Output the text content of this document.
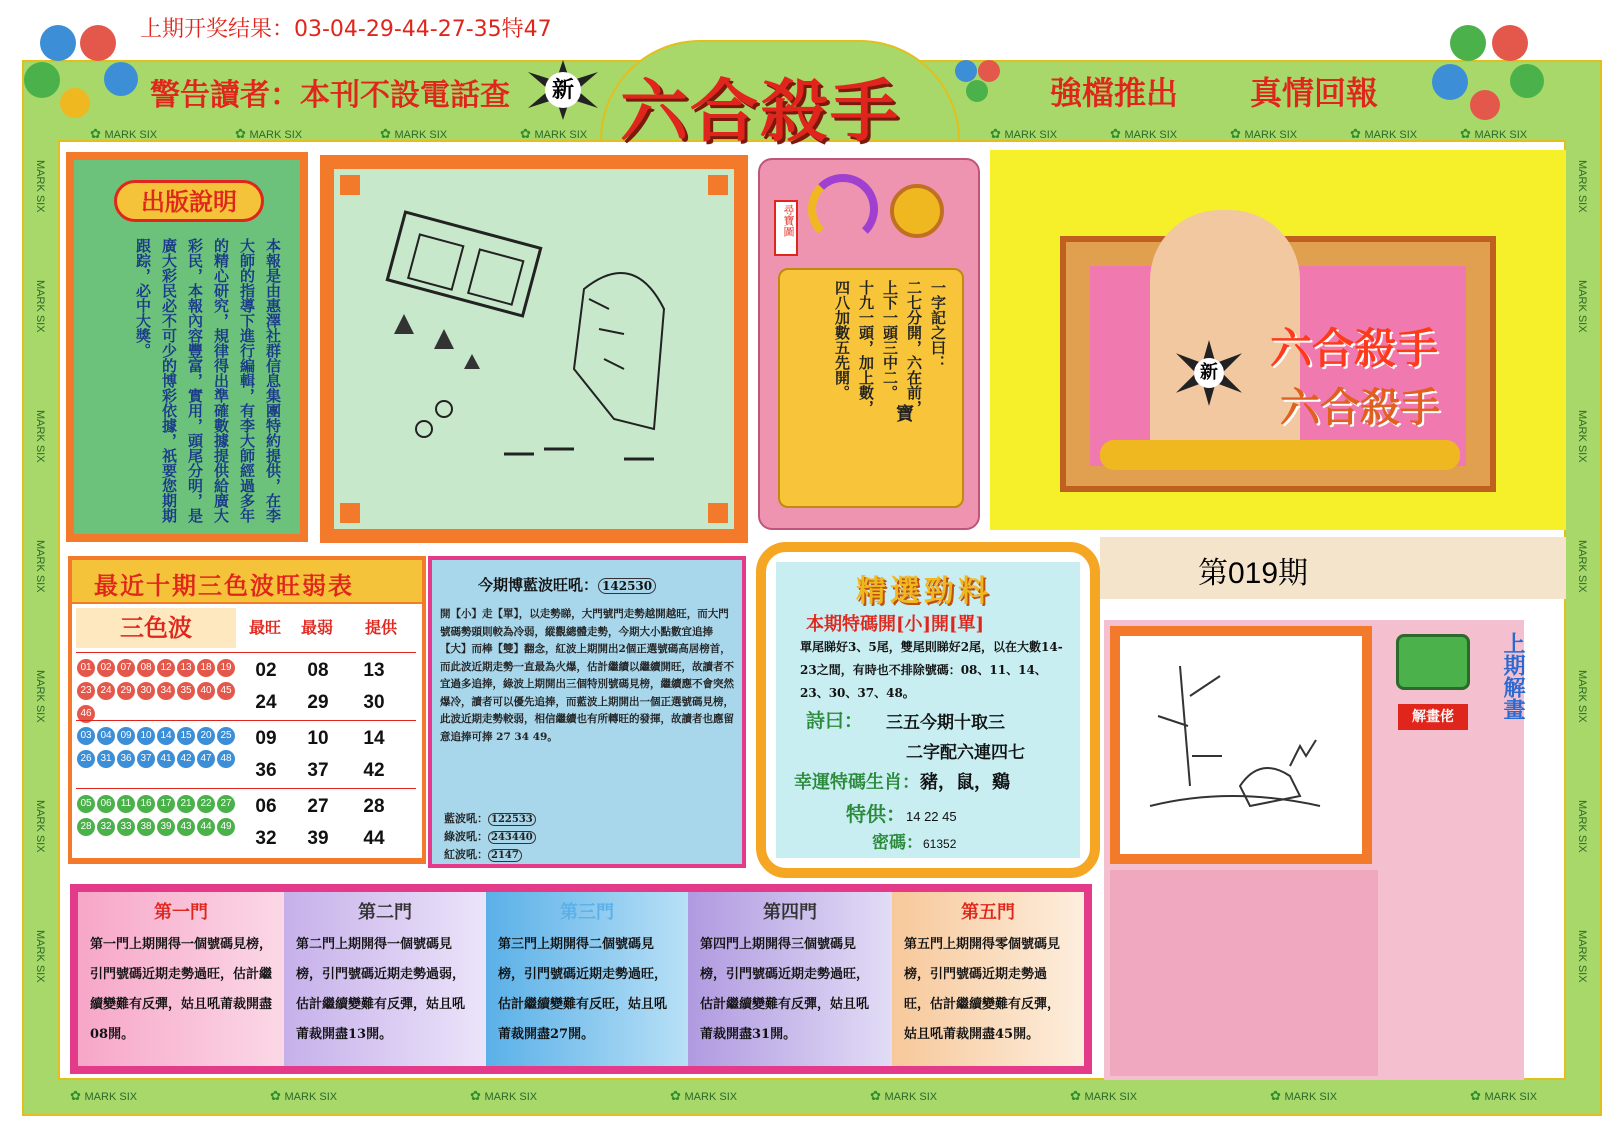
上期开奖结果：03-04-29-44-27-35特47
警告讀者：本刊不設電話查	新 六合殺手	強檔推出 真情回報
✿ MARK SIX	✿ MARK SIX	✿ MARK SIX	✿ MARK SIX	✿ MARK SIX	✿ MARK SIX	✿ MARK SIX	✿ MARK SIX	✿ MARK SIX
✿ MARK SIX	✿ MARK SIX	✿ MARK SIX	✿ MARK SIX	✿ MARK SIX	✿ MARK SIX	✿ MARK SIX	✿ MARK SIX
MARK SIX
MARK SIX
MARK SIX
MARK SIX
MARK SIX
MARK SIX
MARK SIX
MARK SIX
MARK SIX
MARK SIX
MARK SIX
MARK SIX
MARK SIX
MARK SIX
出版說明
本報是由惠澤社群信息集團特約提供，在李大師的指導下進行編輯，有李大師經過多年的精心研究，規律得出準確數據提供給廣大彩民，本報內容豐富，實用，頭尾分明，是廣大彩民必不可少的博彩依據，祇要您期期跟踪，必中大獎。
尋寶圖
一字記之曰：
二七分開，六在前，
上下一頭三中二。
十九一頭，加上數，
四八加數五先開。
寶
新 六合殺手
六合殺手
第019期
最近十期三色波旺弱表
三色波	最旺	最弱	提供
01 02 07 08 12 13 18 1923 24 29 30 34 35 40 4546
02	08	13
24	29	30
03 04 09 10 14 15 20 2526 31 36 37 41 42 47 48
09	10	14
36	37	42
05 06 11 16 17 21 22 2728 32 33 38 39 43 44 49
06	27	28
32	39	44
今期博藍波旺吼： 142530
開【小】走【單】，以走勢睇，大門號門走勢越開越旺，而大門號碼勢頭則較為冷弱，縱觀總體走勢，今期大小點數宜追捧【大】而棒【雙】翻念，紅波上期開出2個正選號碼高居榜首，而此波近期走勢一直最為火爆，估計繼續以繼續開旺，故讀者不宜過多追捧，綠波上期開出三個特別號碼見榜，繼續應不會突然爆冷，讀者可以優先追捧，而藍波上期開出一個正選號碼見榜，此波近期走勢較弱，相信繼續也有所轉旺的發揮，故讀者也應留意追捧可捧 27 34 49。
藍波吼： 122533
綠波吼： 243440
紅波吼： 2147
精選勁料
本期特碼開[小]開[單]
單尾睇好3、5尾，雙尾則睇好2尾，以在大數14-23之間，有時也不排除號碼：08、11、14、23、30、37、48。
詩曰： 三五今期十取三
二字配六連四七
幸運特碼生肖：豬，鼠，鷄
特供：14 22 45
密碼：61352
解畫佬	上期解畫
第一門
第一門上期開得一個號碼見榜，引門號碼近期走勢過旺，估計繼續變難有反彈，姑且吼莆裁開盡08開。
第二門
第二門上期開得一個號碼見榜，引門號碼近期走勢過弱，估計繼續變難有反彈，姑且吼莆裁開盡13開。
第三門
第三門上期開得二個號碼見榜，引門號碼近期走勢過旺，估計繼續變難有反旺，姑且吼莆裁開盡27開。
第四門
第四門上期開得三個號碼見榜，引門號碼近期走勢過旺，估計繼續變難有反彈，姑且吼莆裁開盡31開。
第五門
第五門上期開得零個號碼見榜，引門號碼近期走勢過旺，估計繼續變難有反彈，姑且吼莆裁開盡45開。
